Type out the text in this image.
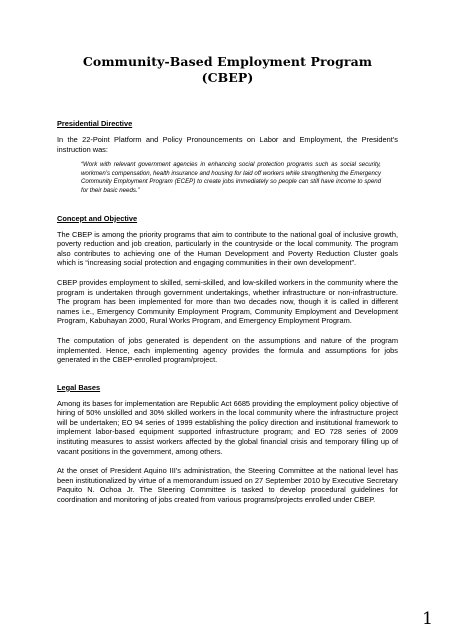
Community-Based Employment Program
(CBEP)

Presidential Directive

In the 22-Point Platform and Policy Pronouncements on Labor and Employment, the President’s instruction was:

“Work with relevant government agencies in enhancing social protection programs such as social security, workmen’s compensation, health insurance and housing for laid off workers while strengthening the Emergency Community Employment Program (ECEP) to create jobs immediately so people can still have income to spend for their basic needs.”

Concept and Objective

The CBEP is among the priority programs that aim to contribute to the national goal of inclusive growth, poverty reduction and job creation, particularly in the countryside or the local community. The program also contributes to achieving one of the Human Development and Poverty Reduction Cluster goals which is “increasing social protection and engaging communities in their own development”.

CBEP provides employment to skilled, semi-skilled, and low-skilled workers in the community where the program is undertaken through government undertakings, whether infrastructure or non-infrastructure. The program has been implemented for more than two decades now, though it is called in different names i.e., Emergency Community Employment Program, Community Employment and Development Program, Kabuhayan 2000, Rural Works Program, and Emergency Employment Program.

The computation of jobs generated is dependent on the assumptions and nature of the program implemented. Hence, each implementing agency provides the formula and assumptions for jobs generated in the CBEP-enrolled program/project.

Legal Bases

Among its bases for implementation are Republic Act 6685 providing the employment policy objective of hiring of 50% unskilled and 30% skilled workers in the local community where the infrastructure project will be undertaken; EO 94 series of 1999 establishing the policy direction and institutional framework to implement labor-based equipment supported infrastructure program; and EO 728 series of 2009 instituting measures to assist workers affected by the global financial crisis and temporary filling up of vacant positions in the government, among others.

At the onset of President Aquino III’s administration, the Steering Committee at the national level has been institutionalized by virtue of a memorandum issued on 27 September 2010 by Executive Secretary Paquito N. Ochoa Jr. The Steering Committee is tasked to develop procedural guidelines for coordination and monitoring of jobs created from various programs/projects enrolled under CBEP.

1
